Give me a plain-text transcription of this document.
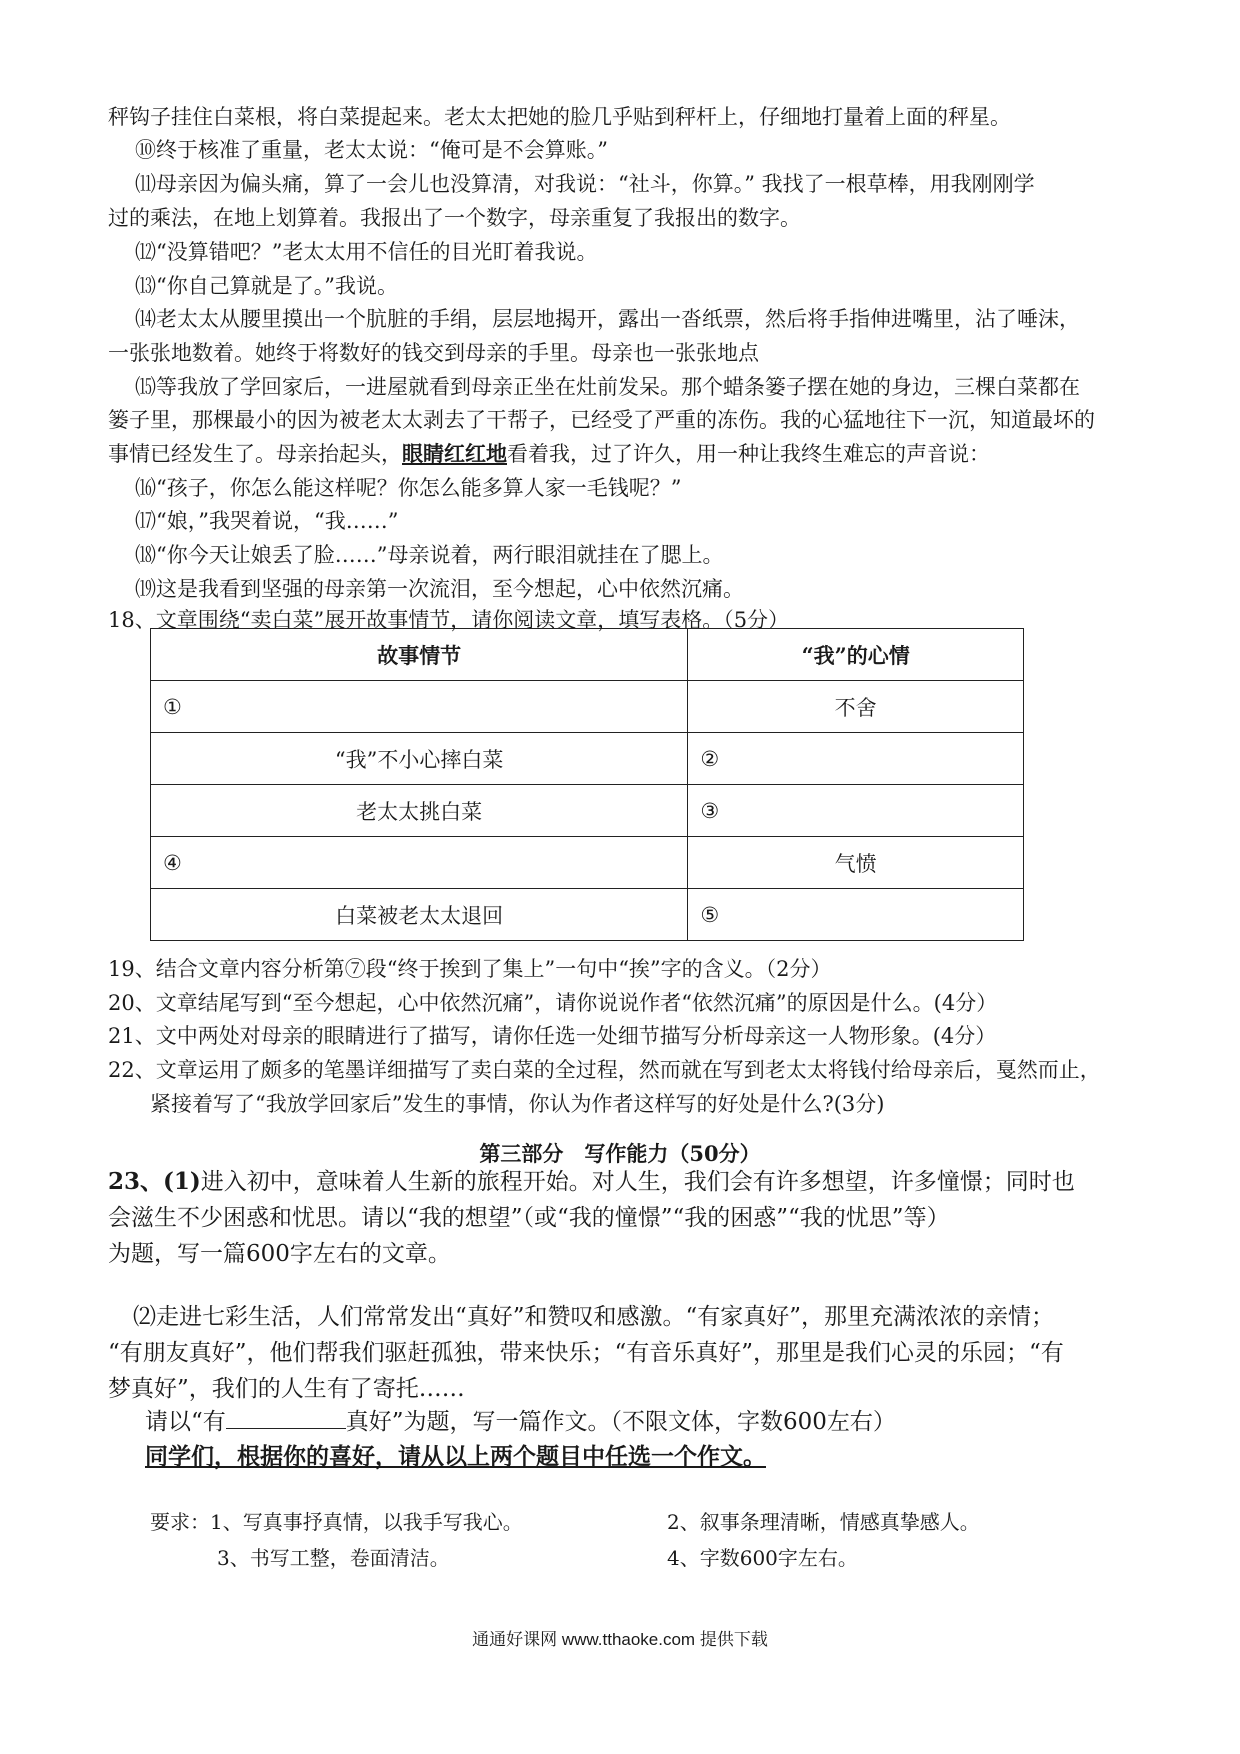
秤钩子挂住白菜根，将白菜提起来。老太太把她的脸几乎贴到秤杆上，仔细地打量着上面的秤星。
⑩终于核准了重量，老太太说：“俺可是不会算账。”
⑾母亲因为偏头痛，算了一会儿也没算清，对我说：“社斗，你算。” 我找了一根草棒，用我刚刚学
过的乘法，在地上划算着。我报出了一个数字，母亲重复了我报出的数字。
⑿“没算错吧？”老太太用不信任的目光盯着我说。
⒀“你自己算就是了。”我说。
⒁老太太从腰里摸出一个肮脏的手绢，层层地揭开，露出一沓纸票，然后将手指伸进嘴里，沾了唾沫，
一张张地数着。她终于将数好的钱交到母亲的手里。母亲也一张张地点
⒂等我放了学回家后，一进屋就看到母亲正坐在灶前发呆。那个蜡条篓子摆在她的身边，三棵白菜都在
篓子里，那棵最小的因为被老太太剥去了干帮子，已经受了严重的冻伤。我的心猛地往下一沉，知道最坏的
事情已经发生了。母亲抬起头，眼睛红红地看着我，过了许久，用一种让我终生难忘的声音说：
⒃“孩子，你怎么能这样呢？你怎么能多算人家一毛钱呢？”
⒄“娘，”我哭着说，“我……”
⒅“你今天让娘丢了脸……”母亲说着，两行眼泪就挂在了腮上。
⒆这是我看到坚强的母亲第一次流泪，至今想起，心中依然沉痛。
18、文章围绕“卖白菜”展开故事情节，请你阅读文章，填写表格。（5分）
故事情节	“我”的心情
①	不舍
“我”不小心摔白菜	②
老太太挑白菜	③
④	气愤
白菜被老太太退回	⑤
19、结合文章内容分析第⑦段“终于挨到了集上”一句中“挨”字的含义。（2分）
20、文章结尾写到“至今想起，心中依然沉痛”，请你说说作者“依然沉痛”的原因是什么。(4分）
21、文中两处对母亲的眼睛进行了描写，请你任选一处细节描写分析母亲这一人物形象。(4分）
22、文章运用了颇多的笔墨详细描写了卖白菜的全过程，然而就在写到老太太将钱付给母亲后，戛然而止，
紧接着写了“我放学回家后”发生的事情，你认为作者这样写的好处是什么?(3分)
第三部分　写作能力（50分）
23、(1)进入初中，意味着人生新的旅程开始。对人生，我们会有许多想望，许多憧憬；同时也
会滋生不少困惑和忧思。请以“我的想望”（或“我的憧憬”“我的困惑”“我的忧思”等）
为题，写一篇600字左右的文章。
⑵走进七彩生活，人们常常发出“真好”和赞叹和感激。“有家真好”，那里充满浓浓的亲情；
“有朋友真好”，他们帮我们驱赶孤独，带来快乐；“有音乐真好”，那里是我们心灵的乐园；“有
梦真好”，我们的人生有了寄托……
请以“有	真好”为题，写一篇作文。（不限文体，字数600左右）
同学们，根据你的喜好，请从以上两个题目中任选一个作文。
要求：1、写真事抒真情，以我手写我心。	2、叙事条理清晰，情感真挚感人。
3、书写工整，卷面清洁。	4、字数600字左右。
通通好课网 www.tthaoke.com 提供下载
